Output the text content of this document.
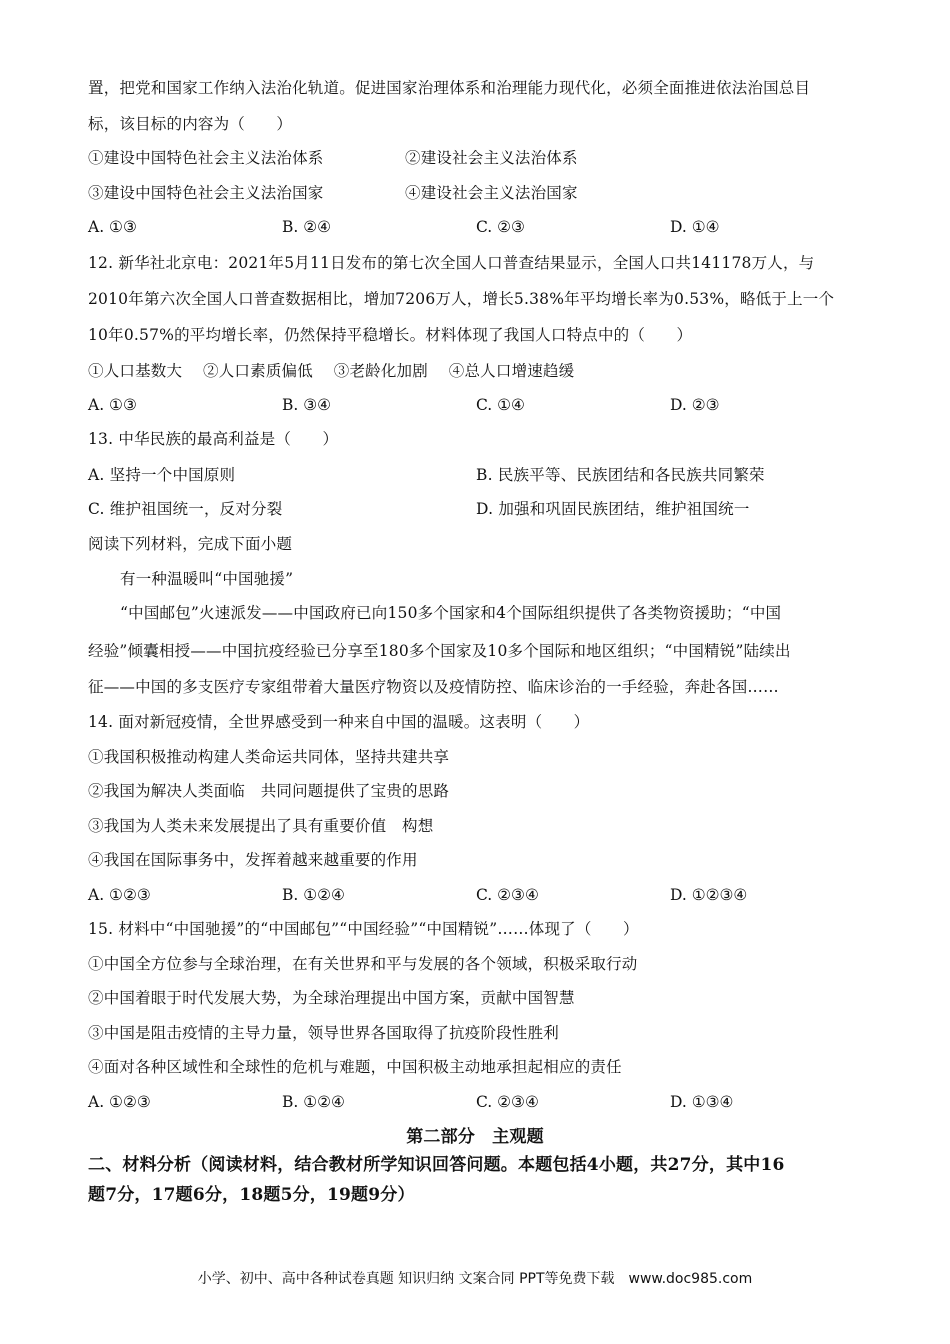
置，把党和国家工作纳入法治化轨道。促进国家治理体系和治理能力现代化，必须全面推进依法治国总目
标，该目标的内容为（　　）
①建设中国特色社会主义法治体系	②建设社会主义法治体系
③建设中国特色社会主义法治国家	④建设社会主义法治国家
A. ①③	B. ②④	C. ②③	D. ①④
12. 新华社北京电：2021年5月11日发布的第七次全国人口普查结果显示，全国人口共141178万人，与
2010年第六次全国人口普查数据相比，增加7206万人，增长5.38%年平均增长率为0.53%，略低于上一个
10年0.57%的平均增长率，仍然保持平稳增长。材料体现了我国人口特点中的（　　）
①人口基数大　 ②人口素质偏低　 ③老龄化加剧　 ④总人口增速趋缓
A. ①③	B. ③④	C. ①④	D. ②③
13. 中华民族的最高利益是（　　）
A. 坚持一个中国原则	B. 民族平等、民族团结和各民族共同繁荣
C. 维护祖国统一，反对分裂	D. 加强和巩固民族团结，维护祖国统一
阅读下列材料，完成下面小题
有一种温暖叫“中国驰援”
“中国邮包”火速派发——中国政府已向150多个国家和4个国际组织提供了各类物资援助；“中国
经验”倾囊相授——中国抗疫经验已分享至180多个国家及10多个国际和地区组织；“中国精锐”陆续出
征——中国的多支医疗专家组带着大量医疗物资以及疫情防控、临床诊治的一手经验，奔赴各国……
14. 面对新冠疫情，全世界感受到一种来自中国的温暖。这表明（　　）
①我国积极推动构建人类命运共同体，坚持共建共享
②我国为解决人类面临　共同问题提供了宝贵的思路
③我国为人类未来发展提出了具有重要价值　构想
④我国在国际事务中，发挥着越来越重要的作用
A. ①②③	B. ①②④	C. ②③④	D. ①②③④
15. 材料中“中国驰援”的“中国邮包”“中国经验”“中国精锐”……体现了（　　）
①中国全方位参与全球治理，在有关世界和平与发展的各个领域，积极采取行动
②中国着眼于时代发展大势，为全球治理提出中国方案，贡献中国智慧
③中国是阻击疫情的主导力量，领导世界各国取得了抗疫阶段性胜利
④面对各种区域性和全球性的危机与难题，中国积极主动地承担起相应的责任
A. ①②③	B. ①②④	C. ②③④	D. ①③④
第二部分　主观题
二、材料分析（阅读材料，结合教材所学知识回答问题。本题包括4小题，共27分，其中16
题7分，17题6分，18题5分，19题9分）
小学、初中、高中各种试卷真题 知识归纳 文案合同 PPT等免费下载　www.doc985.com
